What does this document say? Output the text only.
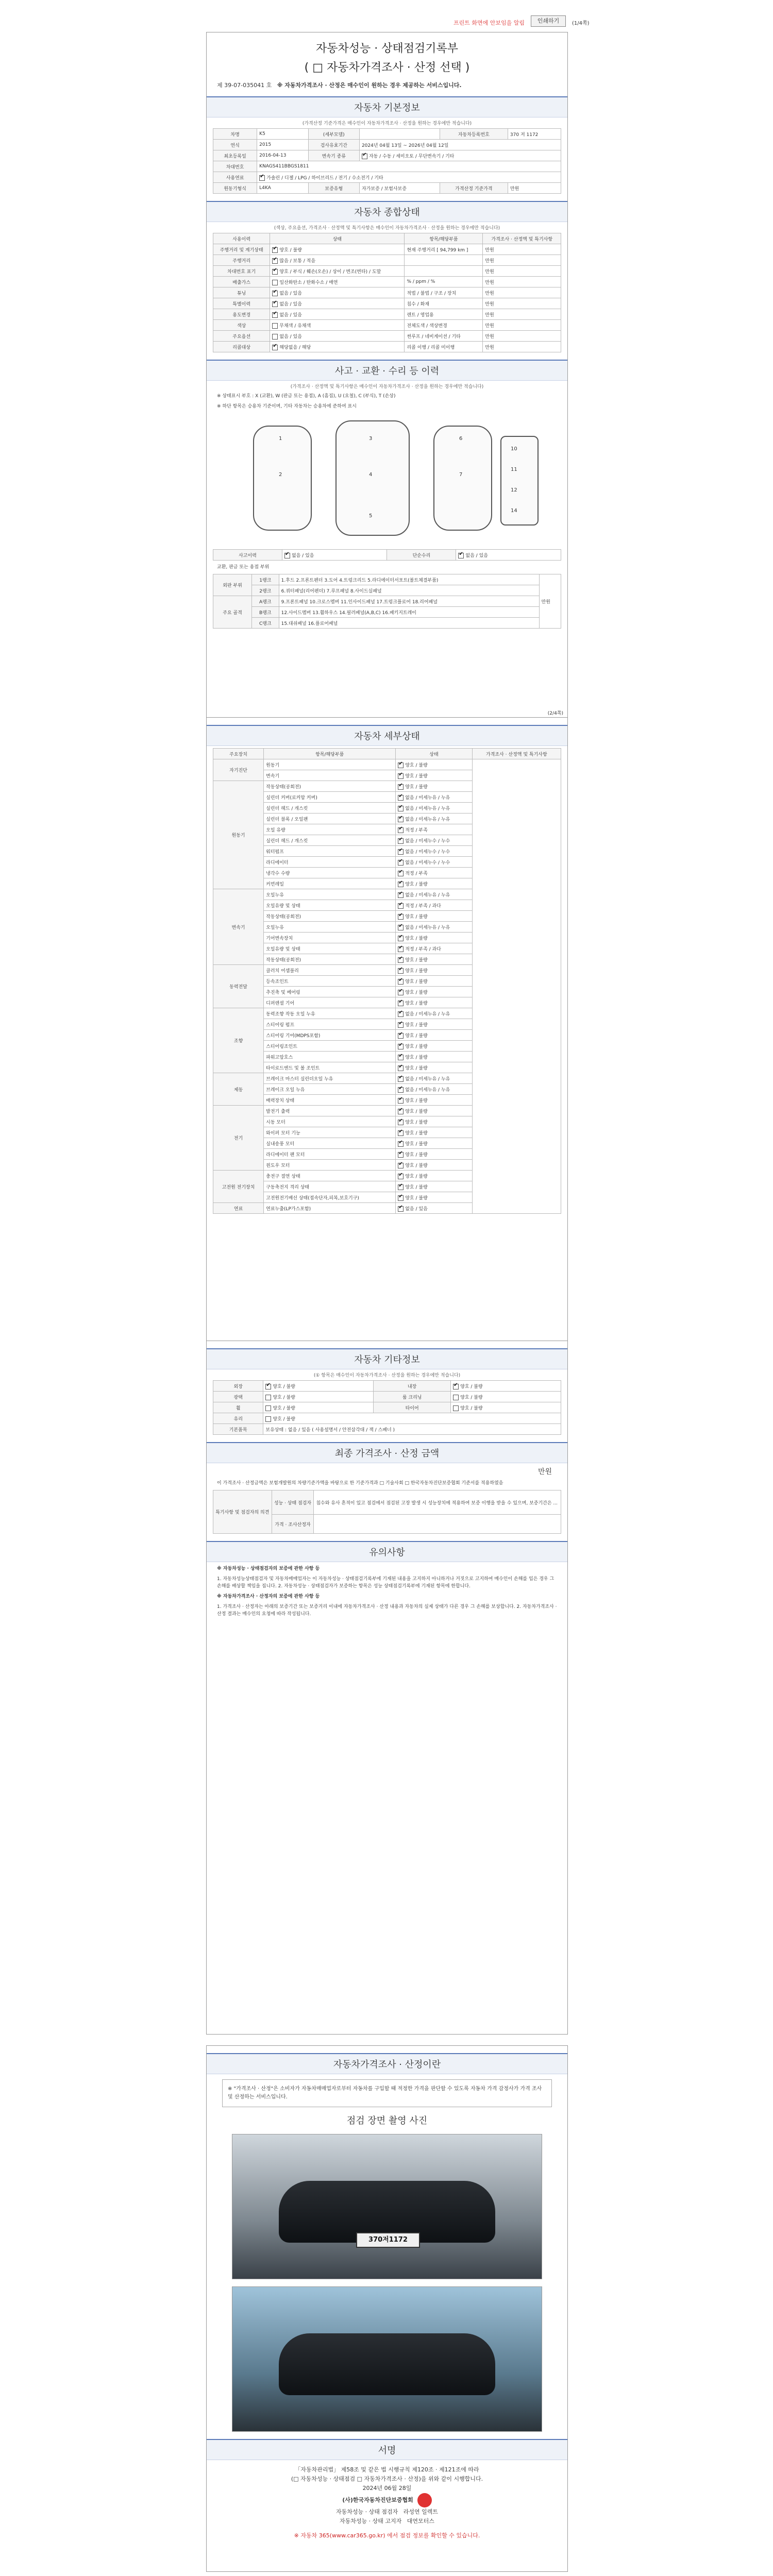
프린트 화면에 안보임을 알림	인쇄하기	(1/4쪽)
자동차성능 · 상태점검기록부
( □ 자동차가격조사 · 산정 선택 )
제 39-07-035041 호 ※ 자동차가격조사 · 산정은 매수인이 원하는 경우 제공하는 서비스입니다.
자동차 기본정보
(가격산정 기준가격은 매수인이 자동차가격조사 · 산정을 원하는 경우에만 적습니다)
차명	K5	(세부모델)		자동차등록번호	370 저 1172
연식	2015	검사유효기간	2024년 04월 13일 ~ 2026년 04월 12일		
최초등록일	2016-04-13	변속기 종류	✔자동 / 수동 / 세미오토 / 무단변속기 / 기타
차대번호	KNAGS411BBGS1811				
사용연료	✔가솔린 / 디젤 / LPG / 하이브리드 / 전기 / 수소전기 / 기타
원동기형식	L4KA	보증유형	자가보증 / 보험사보증	가격산정 기준가격	만원
자동차 종합상태
(색상, 주요옵션, 가격조사 · 산정액 및 특기사항은 매수인이 자동차가격조사 · 산정을 원하는 경우에만 적습니다)
사용이력	상태	항목/해당부품	가격조사 · 산정액 및 특기사항
주행거리 및 계기상태	✔양호 / 불량	현재 주행거리 [ 94,799 km ]	만원
주행거리	✔많음 / 보통 / 적음		만원
차대번호 표기	✔양호 / 부식 / 훼손(오손) / 상이 / 변조(변타) / 도말		만원
배출가스	일산화탄소 / 탄화수소 / 매연	% / ppm / %	만원
튜닝	✔없음 / 있음	적법 / 불법 / 구조 / 장치	만원
특별이력	✔없음 / 있음	침수 / 화재	만원
용도변경	✔없음 / 있음	렌트 / 영업용	만원
색상	무채색 / 유채색	전체도색 / 색상변경	만원
주요옵션	없음 / 있음	썬루프 / 네비게이션 / 기타	만원
리콜대상	✔해당없음 / 해당	리콜 이행 / 리콜 미이행	만원
사고 · 교환 · 수리 등 이력
(가격조사 · 산정액 및 특기사항은 매수인이 자동차가격조사 · 산정을 원하는 경우에만 적습니다)
※ 상태표시 부호 : X (교환), W (판금 또는 용접), A (흠집), U (요철), C (부식), T (손상)
※ 하단 항목은 승용차 기준이며, 기타 자동차는 승용차에 준하여 표시
1
2
3
4
5
6
7
10
11
12
14
사고이력	✔없음 / 있음	단순수리	✔없음 / 있음
교환, 판금 또는 용접 부위
외판 부위	1랭크	1.후드 2.프론트펜더 3.도어 4.트렁크리드 5.라디에이터서포트(볼트체결부품)	만원
	2랭크	6.쿼터패널(리어펜더) 7.루프패널 8.사이드실패널	
주요 골격	A랭크	9.프론트패널 10.크로스멤버 11.인사이드패널 17.트렁크플로어 18.리어패널	
	B랭크	12.사이드멤버 13.휠하우스 14.필러패널(A,B,C) 16.패키지트레이	
	C랭크	15.대쉬패널 16.플로어패널	
(2/4쪽)
자동차 세부상태
주요장치	항목/해당부품	상태	가격조사 · 산정액 및 특기사항
자기진단	원동기	✔양호 / 불량	
	변속기	✔양호 / 불량
원동기	작동상태(공회전)	✔양호 / 불량
	실린더 커버(로커암 커버)	✔없음 / 미세누유 / 누유
	실린더 헤드 / 개스킷	✔없음 / 미세누유 / 누유
	실린더 블록 / 오일팬	✔없음 / 미세누유 / 누유
	오일 유량	✔적정 / 부족
	실린더 헤드 / 개스킷	✔없음 / 미세누수 / 누수
	워터펌프	✔없음 / 미세누수 / 누수
	라디에이터	✔없음 / 미세누수 / 누수
	냉각수 수량	✔적정 / 부족
	커먼레일	✔양호 / 불량
변속기	오일누유	✔없음 / 미세누유 / 누유
	오일유량 및 상태	✔적정 / 부족 / 과다
	작동상태(공회전)	✔양호 / 불량
	오일누유	✔없음 / 미세누유 / 누유
	기어변속장치	✔양호 / 불량
	오일유량 및 상태	✔적정 / 부족 / 과다
	작동상태(공회전)	✔양호 / 불량
동력전달	클러치 어셈블리	✔양호 / 불량
	등속조인트	✔양호 / 불량
	추진축 및 베어링	✔양호 / 불량
	디퍼렌셜 기어	✔양호 / 불량
조향	동력조향 작동 오일 누유	✔없음 / 미세누유 / 누유
	스티어링 펌프	✔양호 / 불량
	스티어링 기어(MDPS포함)	✔양호 / 불량
	스티어링조인트	✔양호 / 불량
	파워고압호스	✔양호 / 불량
	타이로드엔드 및 볼 조인트	✔양호 / 불량
제동	브레이크 마스터 실린더오일 누유	✔없음 / 미세누유 / 누유
	브레이크 오일 누유	✔없음 / 미세누유 / 누유
	배력장치 상태	✔양호 / 불량
전기	발전기 출력	✔양호 / 불량
	시동 모터	✔양호 / 불량
	와이퍼 모터 기능	✔양호 / 불량
	실내송풍 모터	✔양호 / 불량
	라디에이터 팬 모터	✔양호 / 불량
	윈도우 모터	✔양호 / 불량
고전원 전기장치	충전구 절연 상태	✔양호 / 불량
	구동축전지 격리 상태	✔양호 / 불량
	고전원전기배선 상태(접속단자,피복,보호기구)	✔양호 / 불량
연료	연료누출(LP가스포함)	✔없음 / 있음
자동차 기타정보
(① 항목은 매수인이 자동차가격조사 · 산정을 원하는 경우에만 적습니다)
외장	✔양호 / 불량	내장	✔양호 / 불량
광택	양호 / 불량	룸 크리닝	양호 / 불량
휠	양호 / 불량	타이어	양호 / 불량
유리	양호 / 불량		
기본품목	보유상태 : 없음 / 있음 ( 사용설명서 / 안전삼각대 / 잭 / 스패너 )		
최종 가격조사 · 산정 금액
만원
이 가격조사 · 산정금액은 보험개발원의 차량기준가액을 바탕으로 한 기준가격과 □ 기술사회 □ 한국자동차진단보증협회 기준서를 적용하였음
특기사항 및 점검자의 의견	성능 · 상태 점검자	침수와 유사 흔적이 있고 점검에서 점검된 고장 발생 시 성능장치에 적용하여 보증 이행을 받을 수 있으며, 보증기간은 ...
	가격 · 조사산정자	
유의사항
※ 자동차성능 · 상태점검자의 보증에 관한 사항 등
1. 자동차성능상태점검자 및 자동차매매업자는 이 자동차성능 · 상태점검기록부에 기재된 내용을 고지하지 아니하거나 거짓으로 고지하여 매수인이 손해를 입은 경우 그 손해를 배상할 책임을 집니다. 2. 자동차성능 · 상태점검자가 보증하는 항목은 성능 상태점검기록부에 기재된 항목에 한합니다.
※ 자동차가격조사 · 산정자의 보증에 관한 사항 등
1. 가격조사 · 산정자는 아래의 보증기간 또는 보증거리 이내에 자동차가격조사 · 산정 내용과 자동차의 실제 상태가 다른 경우 그 손해를 보상합니다. 2. 자동차가격조사 · 산정 결과는 매수인의 요청에 따라 작성됩니다.
자동차가격조사 · 산정이란
※ "가격조사 · 산정"은 소비자가 자동차매매업자로부터 자동차를 구입할 때 적정한 가격을 판단할 수 있도록 자동차 가격 감정사가 가격 조사 및 산정하는 서비스입니다.
점검 장면 촬영 사진
370저1172
서명
「자동차관리법」 제58조 및 같은 법 시행규칙 제120조 · 제121조에 따라
(□ 자동차성능 · 상태점검 □ 자동차가격조사 · 산정)을 위와 같이 시행합니다.
2024년 06월 28일
(사)한국자동차진단보증협회
자동차성능 · 상태 점검자 라성연 일렉트
자동차성능 · 상태 고지자 대연모터스
※ 자동차 365(www.car365.go.kr) 에서 점검 정보를 확인할 수 있습니다.
